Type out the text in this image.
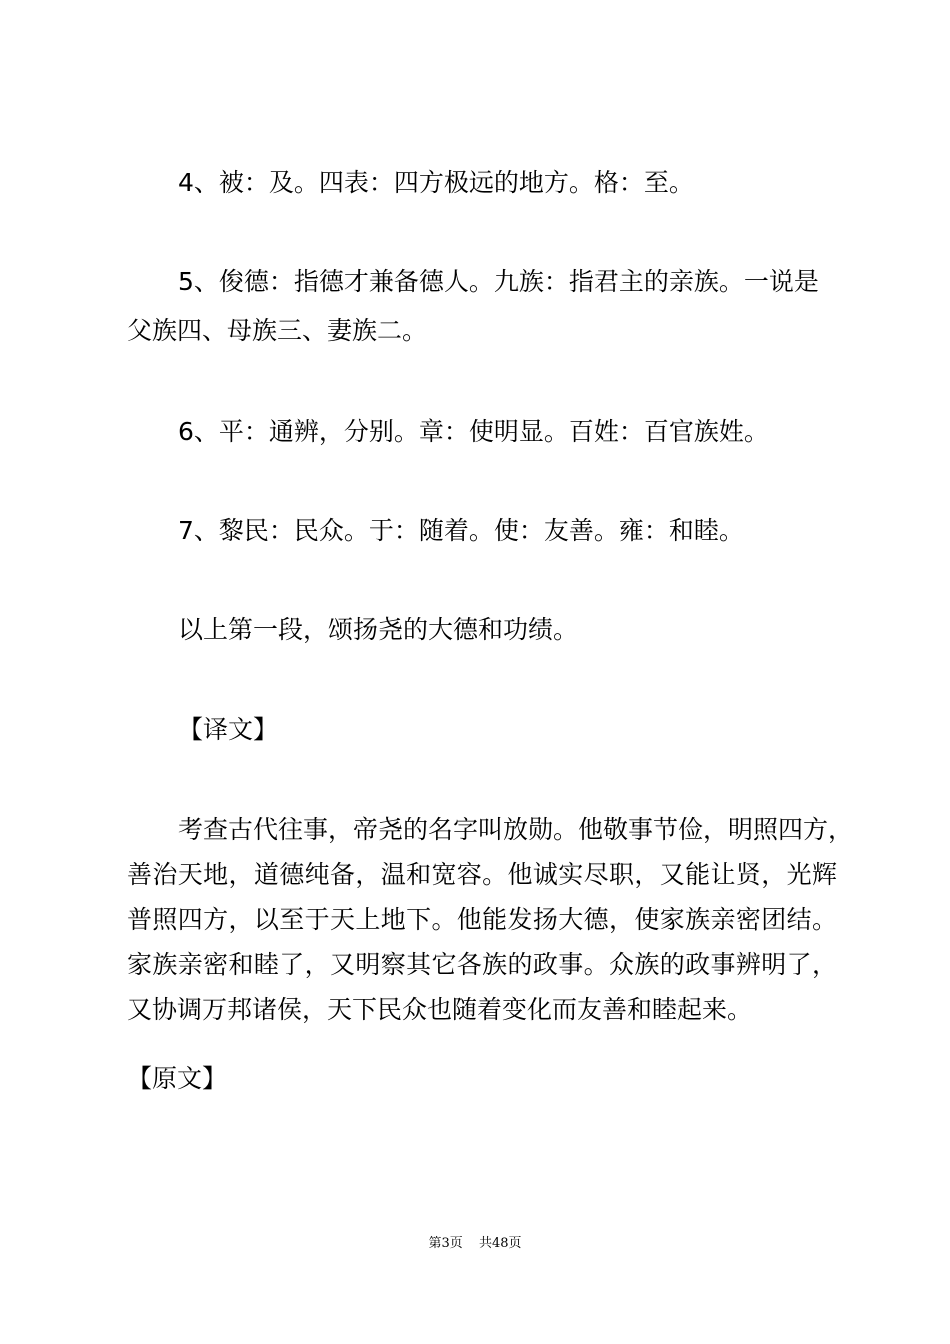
4、被：及。四表：四方极远的地方。格：至。
5、俊德：指德才兼备德人。九族：指君主的亲族。一说是
父族四、母族三、妻族二。
6、平：通辨，分别。章：使明显。百姓：百官族姓。
7、黎民：民众。于：随着。使：友善。雍：和睦。
以上第一段，颂扬尧的大德和功绩。
【译文】
考查古代往事，帝尧的名字叫放勋。他敬事节俭，明照四方，
善治天地，道德纯备，温和宽容。他诚实尽职，又能让贤，光辉
普照四方，以至于天上地下。他能发扬大德，使家族亲密团结。
家族亲密和睦了，又明察其它各族的政事。众族的政事辨明了，
又协调万邦诸侯，天下民众也随着变化而友善和睦起来。
【原文】
第3页 共48页
